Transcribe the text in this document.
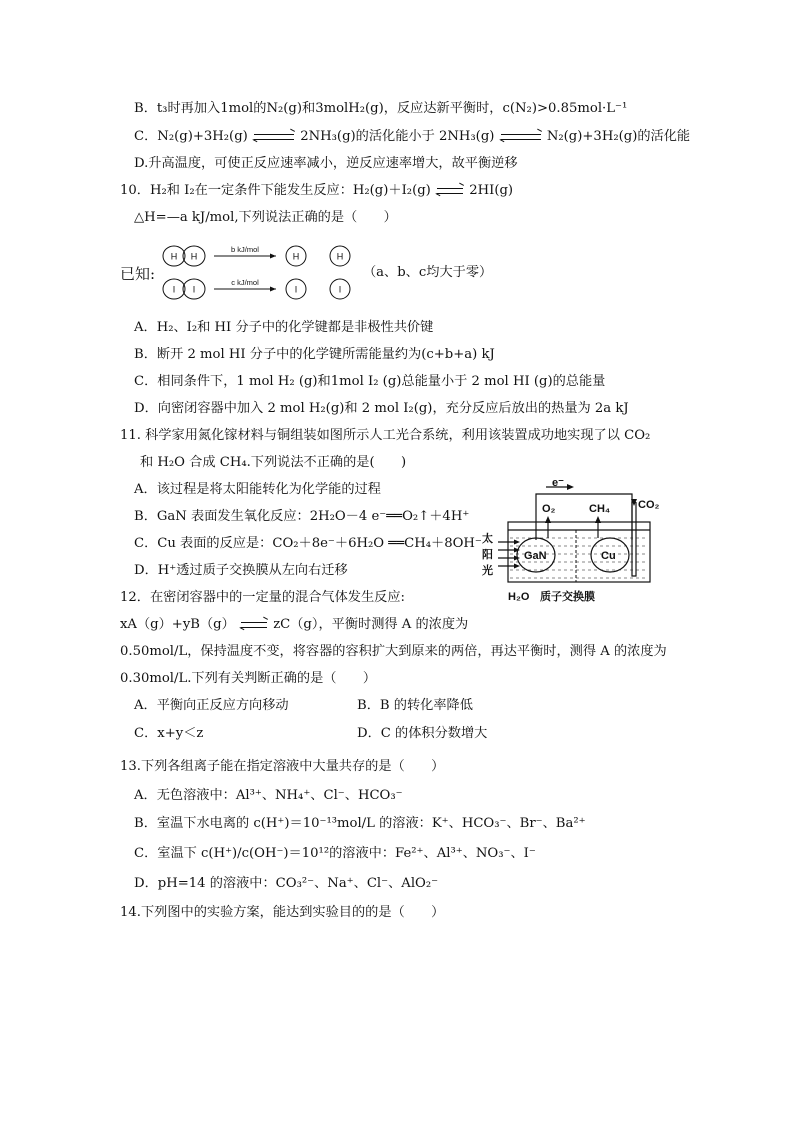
B．t₃时再加入1mol的N₂(g)和3molH₂(g)，反应达新平衡时，c(N₂)>0.85mol·L⁻¹
C．N₂(g)+3H₂(g)	2NH₃(g)的活化能小于 2NH₃(g)	N₂(g)+3H₂(g)的活化能
D.升高温度，可使正反应速率减小，逆反应速率增大，故平衡逆移
10．H₂和 I₂在一定条件下能发生反应：H₂(g)＋I₂(g)	2HI(g)
△H=—a kJ/mol,下列说法正确的是（　　）
已知:
H H
I I
H	H
I	I
b kJ/mol
c kJ/mol
（a、b、c均大于零）
A．H₂、I₂和 HI 分子中的化学键都是非极性共价键
B．断开 2 mol HI 分子中的化学键所需能量约为(c+b+a) kJ
C．相同条件下，1 mol H₂ (g)和1mol I₂ (g)总能量小于 2 mol HI (g)的总能量
D．向密闭容器中加入 2 mol H₂(g)和 2 mol I₂(g)，充分反应后放出的热量为 2a kJ
11. 科学家用氮化镓材料与铜组装如图所示人工光合系统，利用该装置成功地实现了以 CO₂
和 H₂O 合成 CH₄.下列说法不正确的是(　　)
A．该过程是将太阳能转化为化学能的过程
B．GaN 表面发生氧化反应：2H₂O－4 e⁻══O₂↑＋4H⁺
C．Cu 表面的反应是：CO₂＋8e⁻＋6H₂O ══CH₄＋8OH⁻
D．H⁺透过质子交换膜从左向右迁移
e⁻
O₂	CH₄	CO₂
太
阳
光
GaN	Cu
H₂O 质子交换膜
12．在密闭容器中的一定量的混合气体发生反应:
xA（g）+yB（g）	zC（g），平衡时测得 A 的浓度为
0.50mol/L，保持温度不变，将容器的容积扩大到原来的两倍，再达平衡时，测得 A 的浓度为
0.30mol/L.下列有关判断正确的是（　　）
A．平衡向正反应方向移动	B．B 的转化率降低
C．x+y＜z	D．C 的体积分数增大
13.下列各组离子能在指定溶液中大量共存的是（　　）
A．无色溶液中：Al³⁺、NH₄⁺、Cl⁻、HCO₃⁻
B．室温下水电离的 c(H⁺)＝10⁻¹³mol/L 的溶液：K⁺、HCO₃⁻、Br⁻、Ba²⁺
C．室温下 c(H⁺)/c(OH⁻)＝10¹²的溶液中：Fe²⁺、Al³⁺、NO₃⁻、I⁻
D．pH=14 的溶液中：CO₃²⁻、Na⁺、Cl⁻、AlO₂⁻
14.下列图中的实验方案，能达到实验目的的是（　　）
